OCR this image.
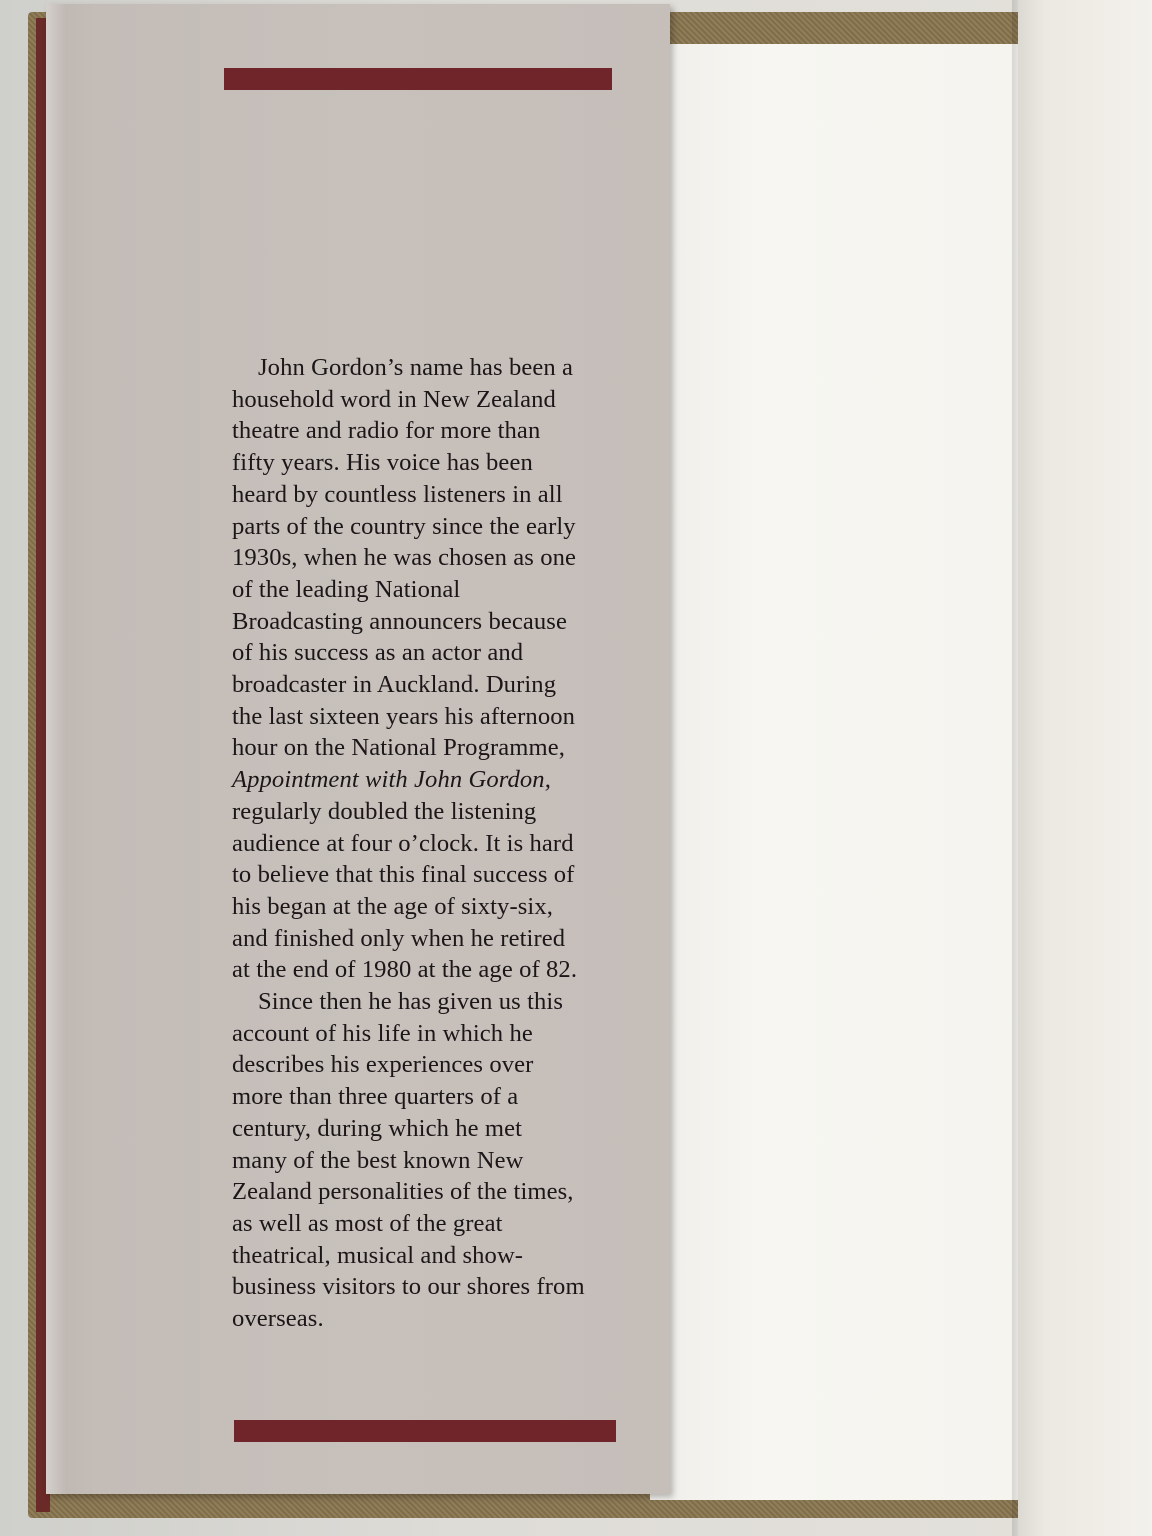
John Gordon’s name has been a
household word in New Zealand
theatre and radio for more than
fifty years. His voice has been
heard by countless listeners in all
parts of the country since the early
1930s, when he was chosen as one
of the leading National
Broadcasting announcers because
of his success as an actor and
broadcaster in Auckland. During
the last sixteen years his afternoon
hour on the National Programme,
Appointment with John Gordon,
regularly doubled the listening
audience at four o’clock. It is hard
to believe that this final success of
his began at the age of sixty-six,
and finished only when he retired
at the end of 1980 at the age of 82.

Since then he has given us this
account of his life in which he
describes his experiences over
more than three quarters of a
century, during which he met
many of the best known New
Zealand personalities of the times,
as well as most of the great
theatrical, musical and show-
business visitors to our shores from
overseas.
